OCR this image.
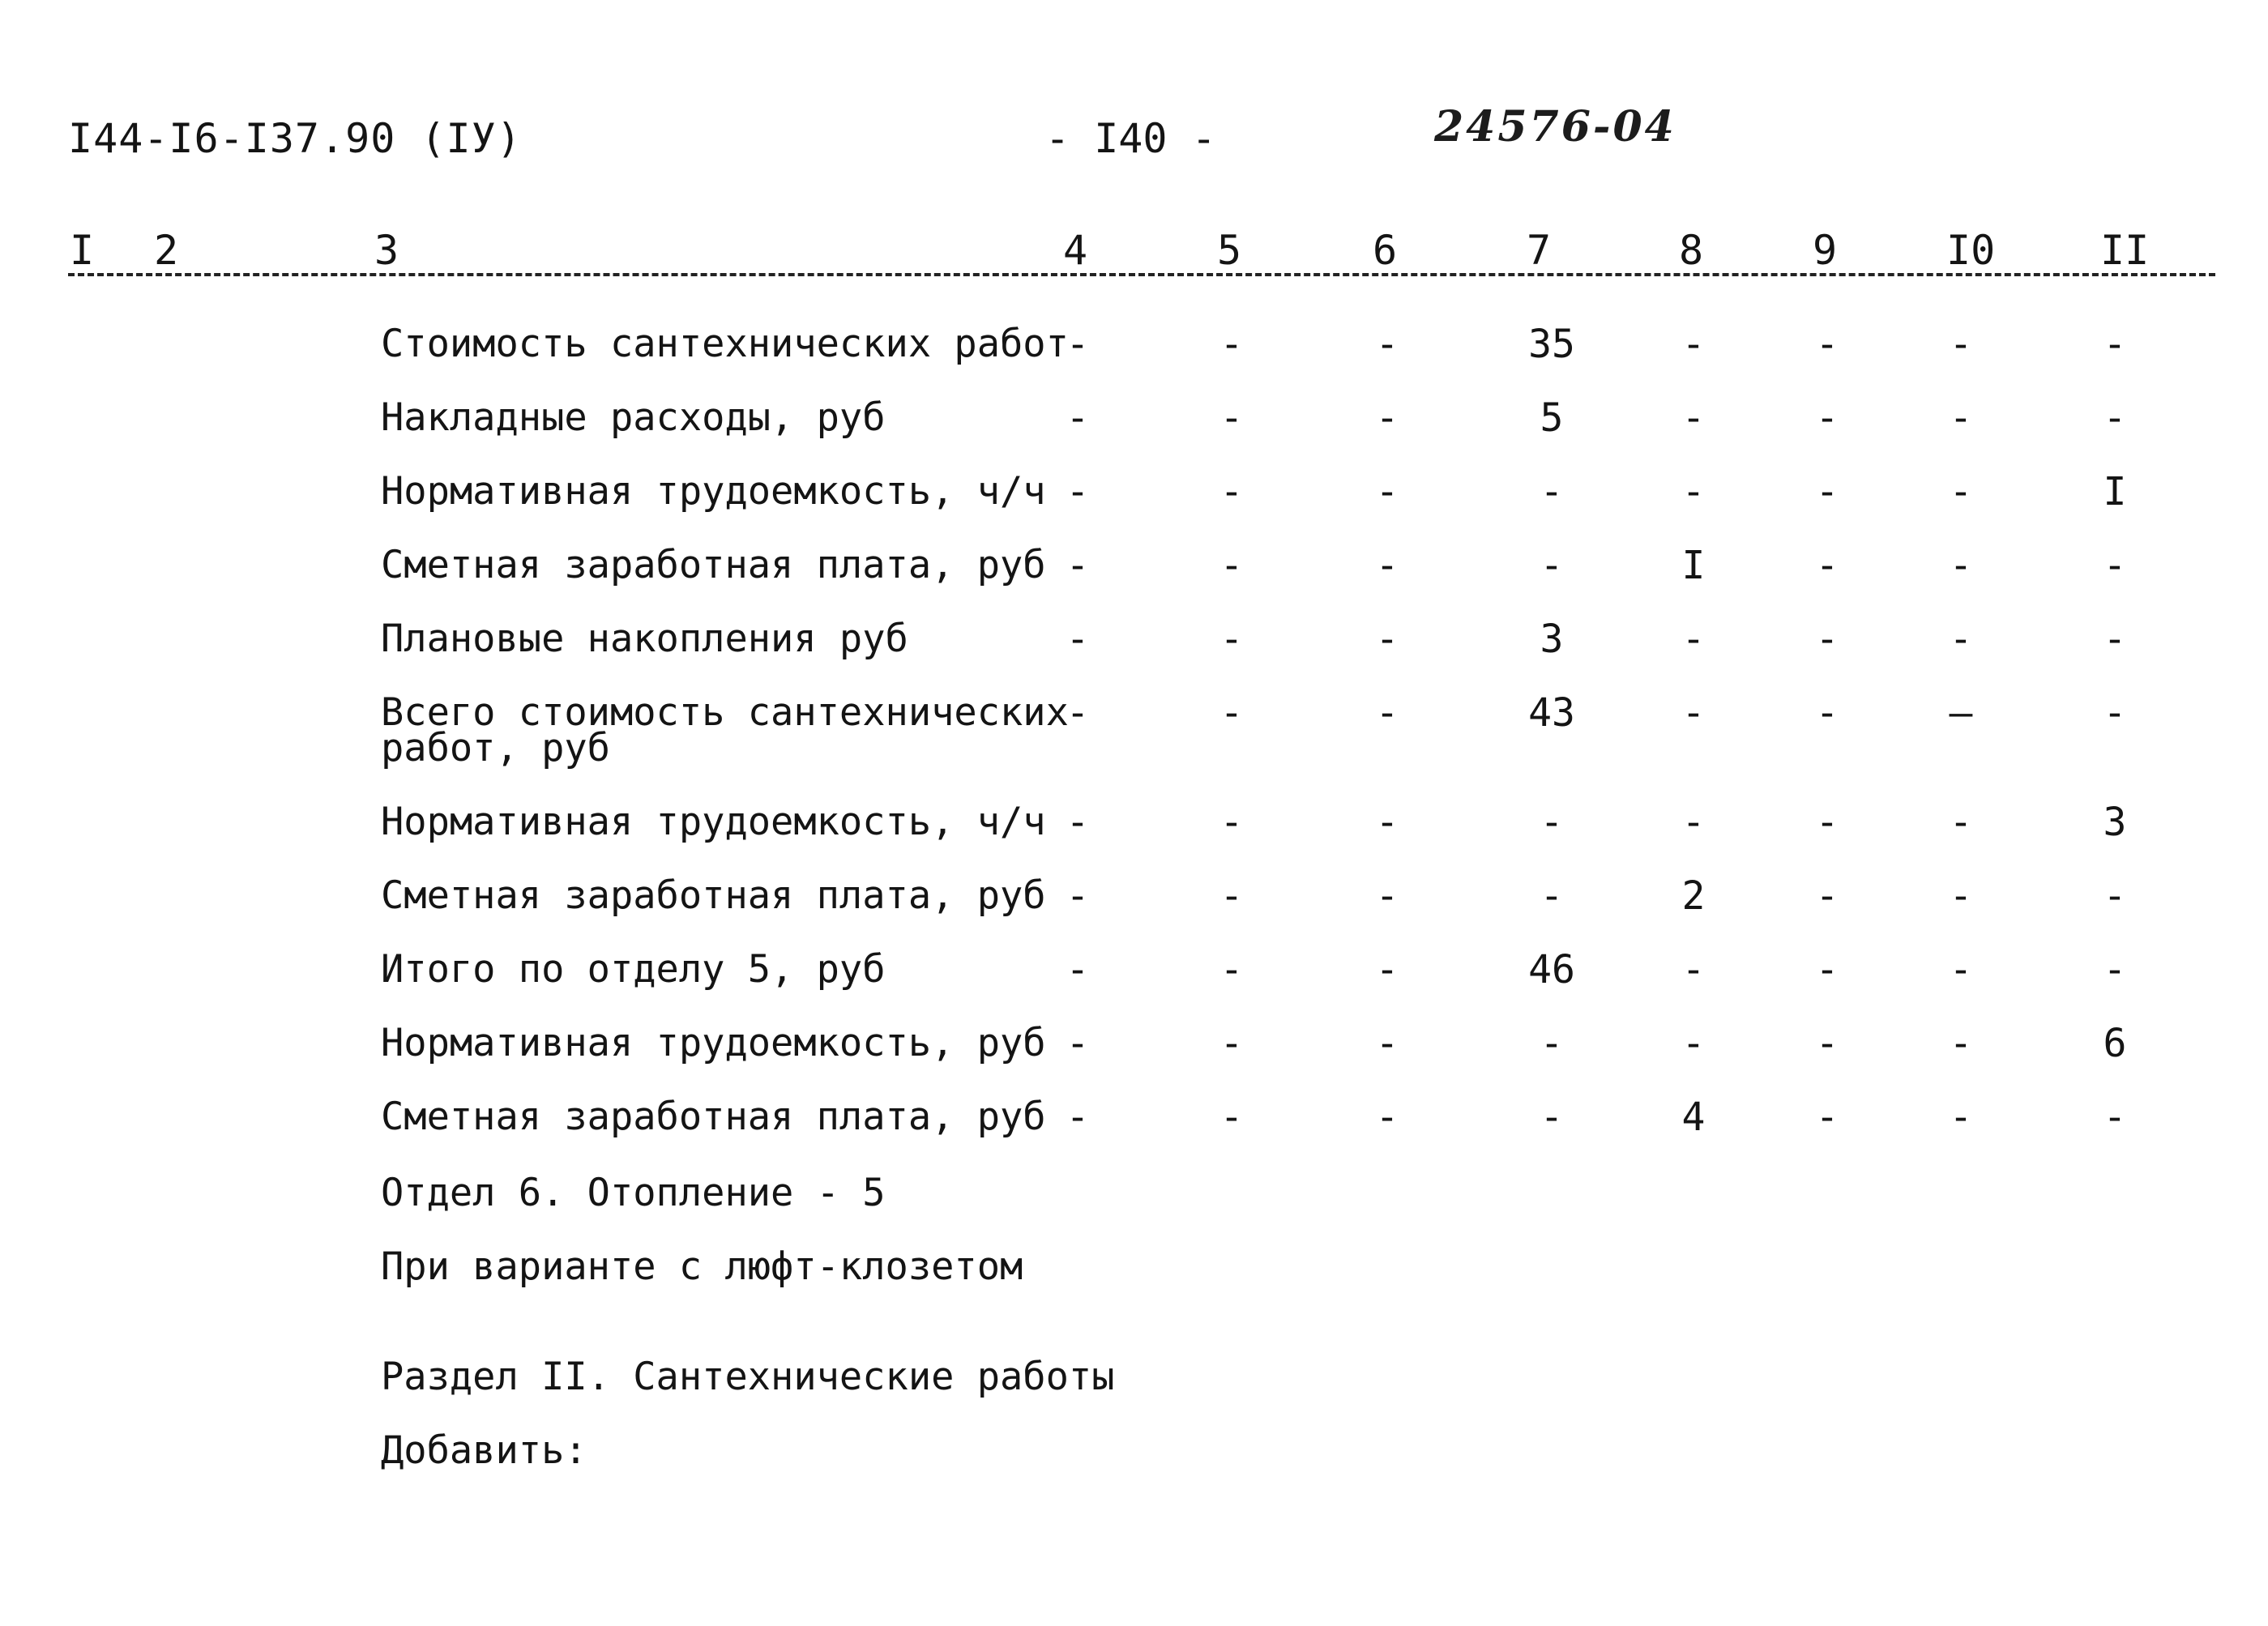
I44-I6-I37.90 (IУ)	- I40 -	24576-04
I 2	3	4	5	6	7	8	9	I0	II
Стоимость сантехнических работ
-	-	-	35	-	-	-	-
Накладные расходы, руб	-	-	-	5	-	-	-	-
Нормативная трудоемкость, ч/ч -	-	-	-	-	-	-	I
Сметная заработная плата, руб -	-	-	-	I	-	-	-
Плановые накопления руб	-	-	-	3	-	-	-	-
Всего стоимость сантехнических
работ, руб
-	-	-	43	-	-	—	-
Нормативная трудоемкость, ч/ч -	-	-	-	-	-	-	3
Сметная заработная плата, руб -	-	-	-	2	-	-	-
Итого по отделу 5, руб	-	-	-	46	-	-	-	-
Нормативная трудоемкость, руб -	-	-	-	-	-	-	6
Сметная заработная плата, руб -	-	-	-	4	-	-	-
Отдел 6. Отопление - 5
При варианте с люфт-клозетом
Раздел II. Сантехнические работы
Добавить:
